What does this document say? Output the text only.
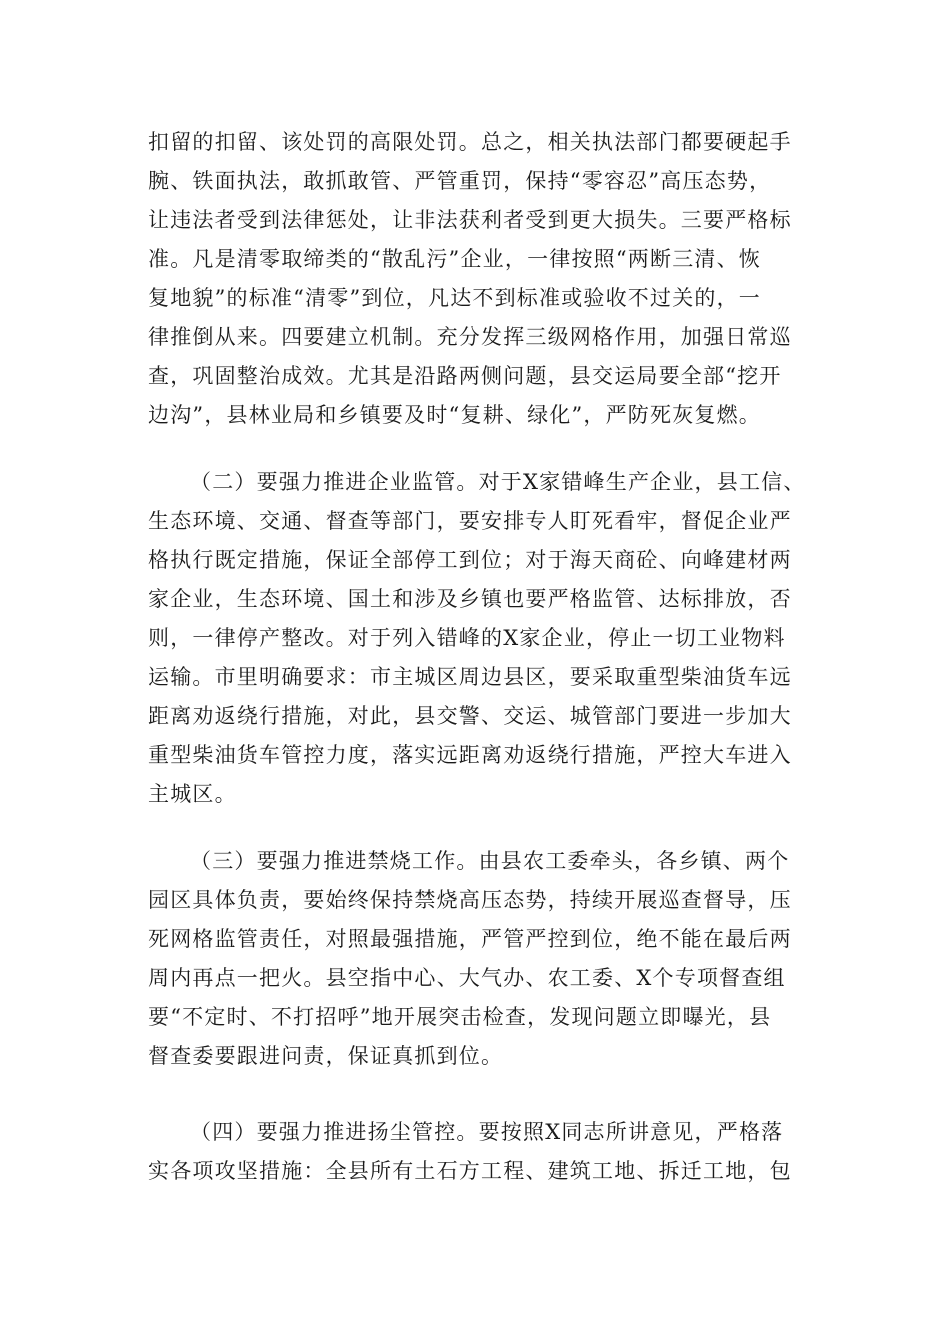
扣留的扣留、该处罚的高限处罚。总之，相关执法部门都要硬起手

腕、铁面执法，敢抓敢管、严管重罚，保持“零容忍”高压态势，

让违法者受到法律惩处，让非法获利者受到更大损失。三要严格标

准。凡是清零取缔类的“散乱污”企业，一律按照“两断三清、恢

复地貌”的标准“清零”到位，凡达不到标准或验收不过关的，一

律推倒从来。四要建立机制。充分发挥三级网格作用，加强日常巡

查，巩固整治成效。尤其是沿路两侧问题，县交运局要全部“挖开

边沟”，县林业局和乡镇要及时“复耕、绿化”，严防死灰复燃。

（二）要强力推进企业监管。对于X家错峰生产企业，县工信、

生态环境、交通、督查等部门，要安排专人盯死看牢，督促企业严

格执行既定措施，保证全部停工到位；对于海天商砼、向峰建材两

家企业，生态环境、国土和涉及乡镇也要严格监管、达标排放，否

则，一律停产整改。对于列入错峰的X家企业，停止一切工业物料

运输。市里明确要求：市主城区周边县区，要采取重型柴油货车远

距离劝返绕行措施，对此，县交警、交运、城管部门要进一步加大

重型柴油货车管控力度，落实远距离劝返绕行措施，严控大车进入

主城区。

（三）要强力推进禁烧工作。由县农工委牵头，各乡镇、两个

园区具体负责，要始终保持禁烧高压态势，持续开展巡查督导，压

死网格监管责任，对照最强措施，严管严控到位，绝不能在最后两

周内再点一把火。县空指中心、大气办、农工委、X个专项督查组

要“不定时、不打招呼”地开展突击检查，发现问题立即曝光，县

督查委要跟进问责，保证真抓到位。

（四）要强力推进扬尘管控。要按照X同志所讲意见，严格落

实各项攻坚措施：全县所有土石方工程、建筑工地、拆迁工地，包
